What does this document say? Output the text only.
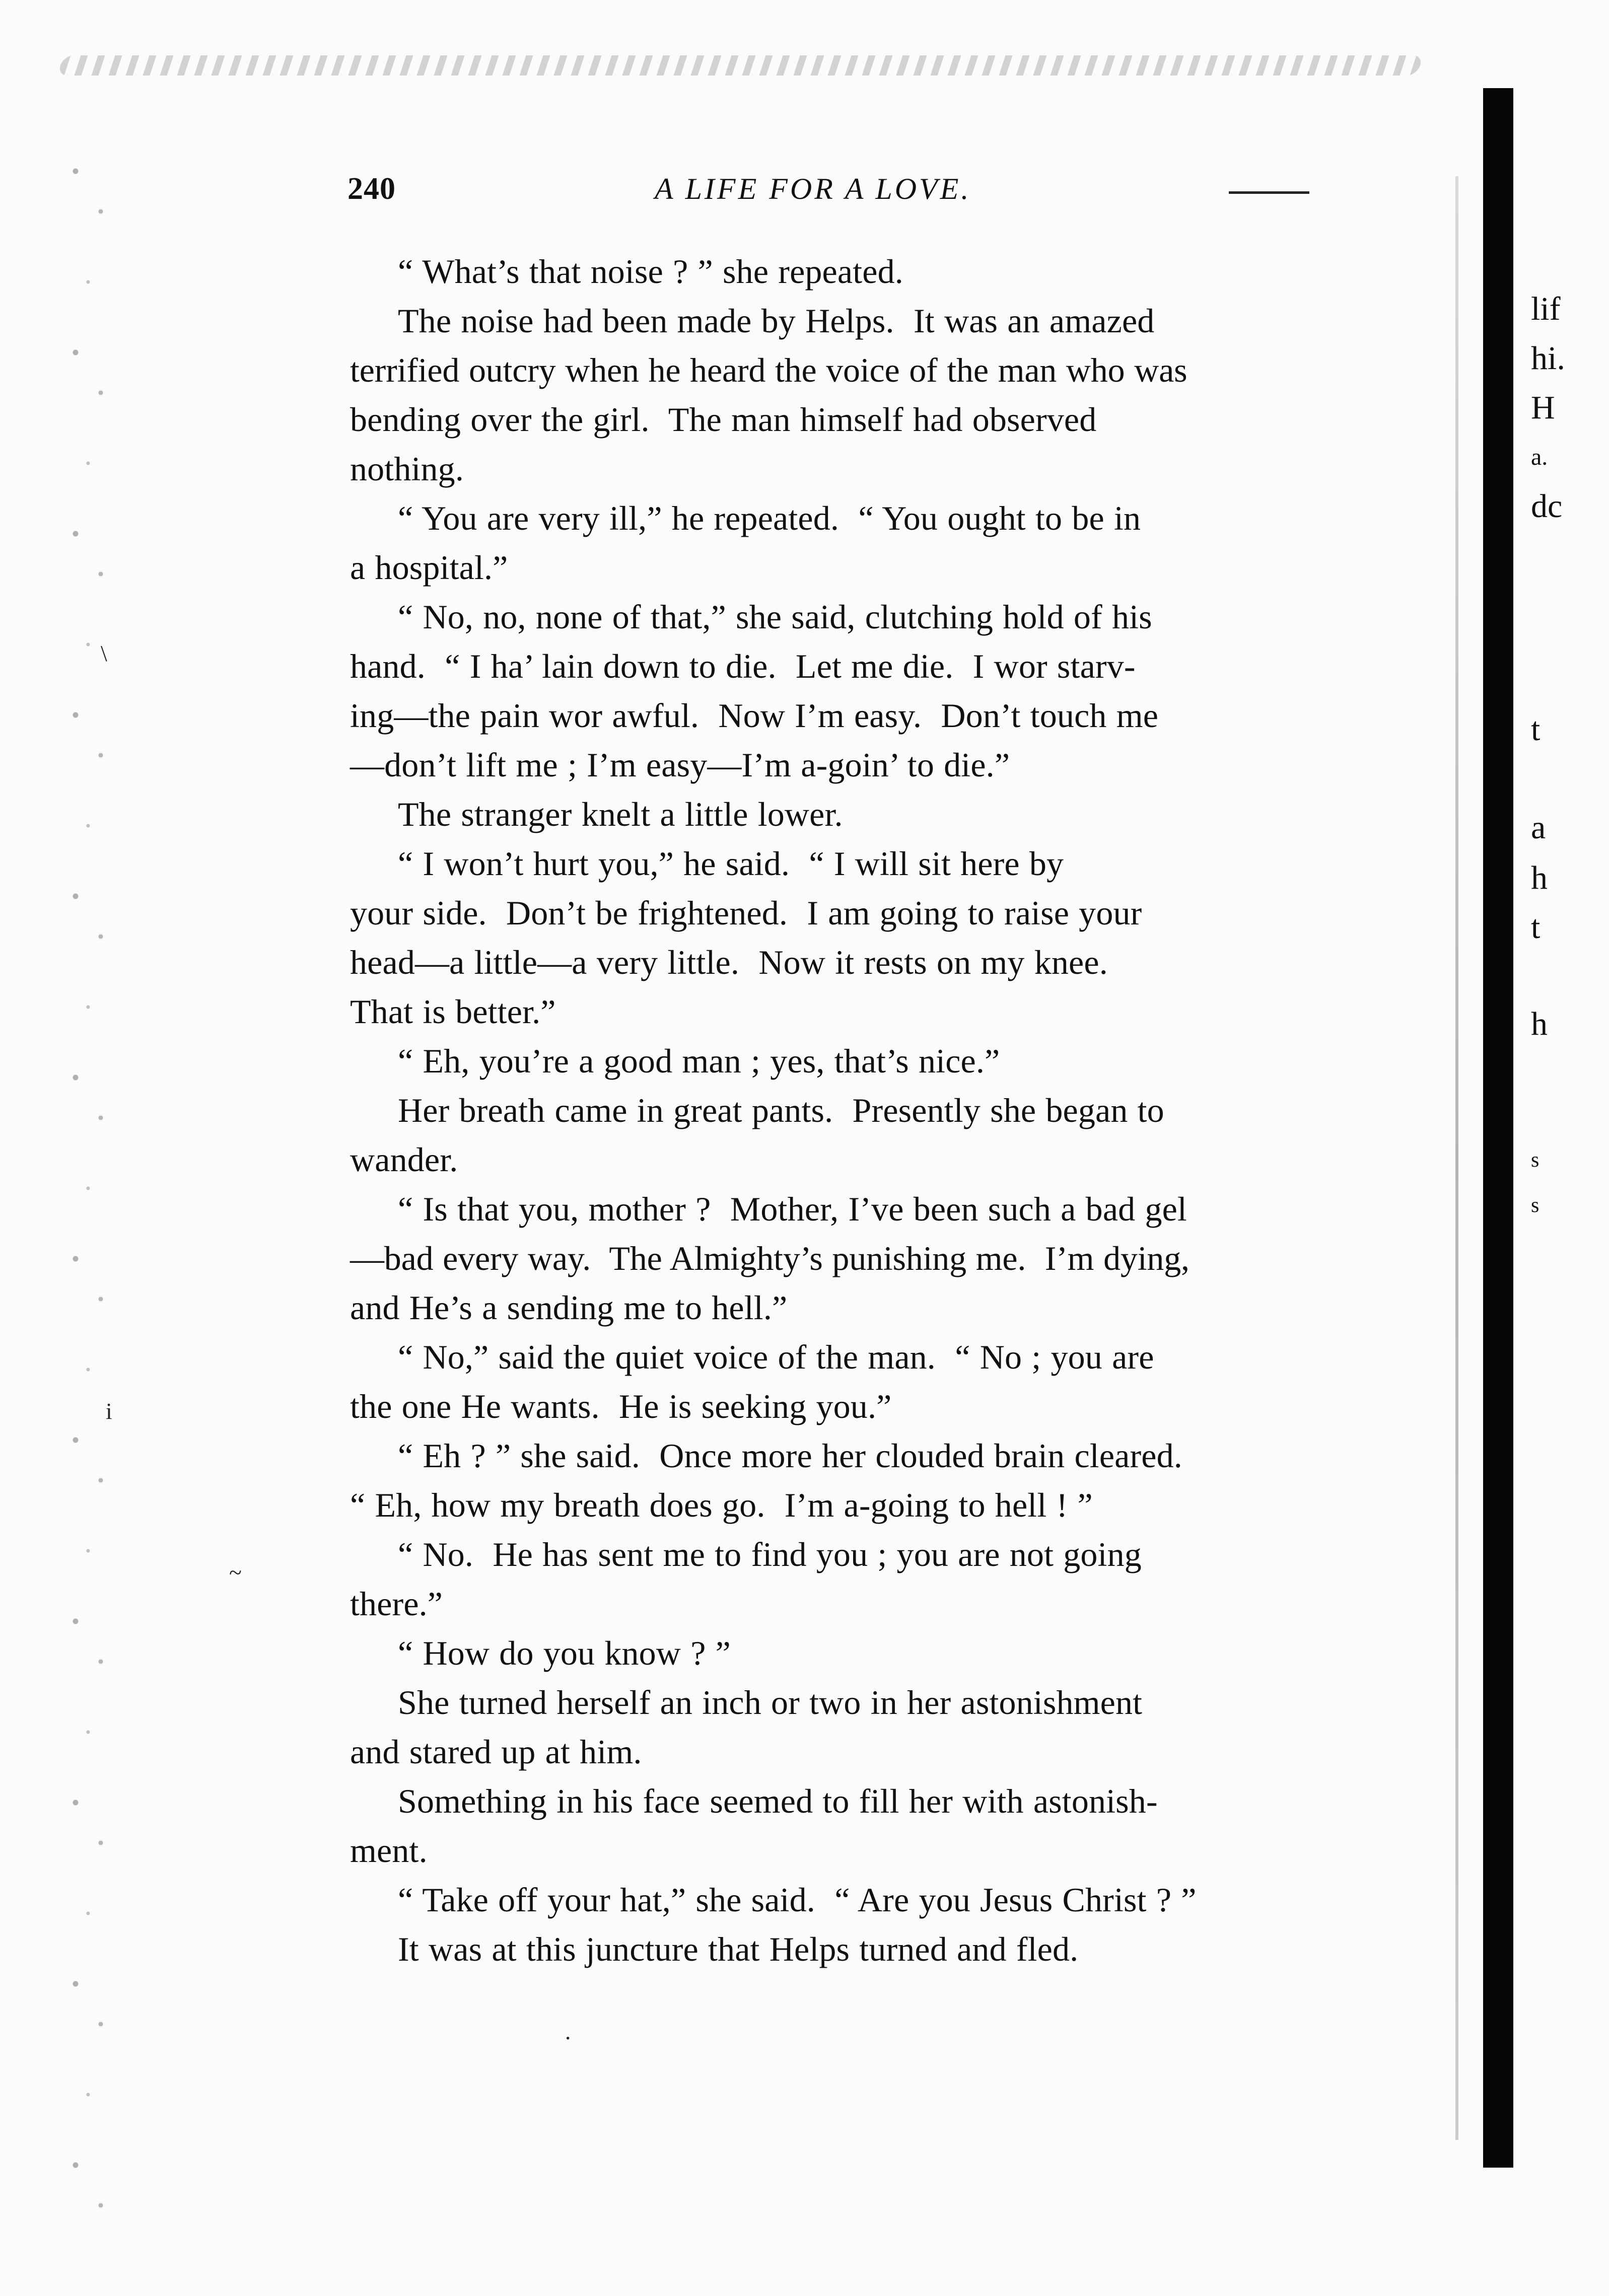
240	A LIFE FOR A LOVE.
“ What’s that noise ? ” she repeated.
The noise had been made by Helps.  It was an amazed
terrified outcry when he heard the voice of the man who was
bending over the girl.  The man himself had observed
nothing.
“ You are very ill,” he repeated.  “ You ought to be in
a hospital.”
“ No, no, none of that,” she said, clutching hold of his
hand.  “ I ha’ lain down to die.  Let me die.  I wor starv-
ing—the pain wor awful.  Now I’m easy.  Don’t touch me
—don’t lift me ; I’m easy—I’m a-goin’ to die.”
The stranger knelt a little lower.
“ I won’t hurt you,” he said.  “ I will sit here by
your side.  Don’t be frightened.  I am going to raise your
head—a little—a very little.  Now it rests on my knee.
That is better.”
“ Eh, you’re a good man ; yes, that’s nice.”
Her breath came in great pants.  Presently she began to
wander.
“ Is that you, mother ?  Mother, I’ve been such a bad gel
—bad every way.  The Almighty’s punishing me.  I’m dying,
and He’s a sending me to hell.”
“ No,” said the quiet voice of the man.  “ No ; you are
the one He wants.  He is seeking you.”
“ Eh ? ” she said.  Once more her clouded brain cleared.
“ Eh, how my breath does go.  I’m a-going to hell ! ”
“ No.  He has sent me to find you ; you are not going
there.”
“ How do you know ? ”
She turned herself an inch or two in her astonishment
and stared up at him.
Something in his face seemed to fill her with astonish-
ment.
“ Take off your hat,” she said.  “ Are you Jesus Christ ? ”
It was at this juncture that Helps turned and fled.
lif
hi.
H
a.
dc
t
a
h
t
h
s
s
\
i
~
·
